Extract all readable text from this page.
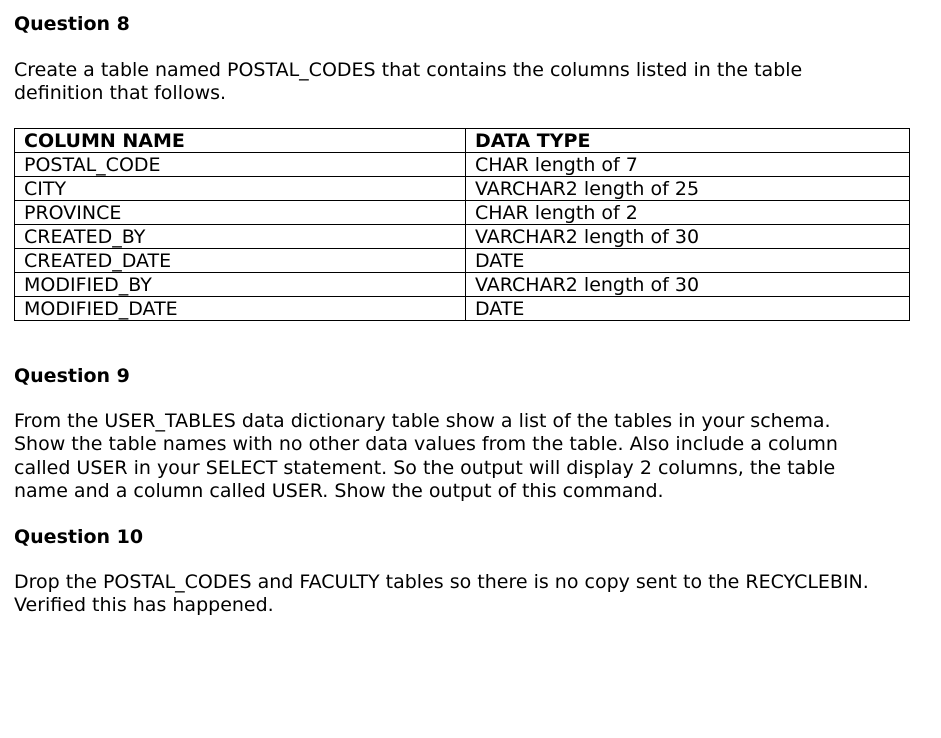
Question 8

Create a table named POSTAL_CODES that contains the columns listed in the table
definition that follows.

COLUMN NAME	DATA TYPE
POSTAL_CODE	CHAR length of 7
CITY	VARCHAR2 length of 25
PROVINCE	CHAR length of 2
CREATED_BY	VARCHAR2 length of 30
CREATED_DATE	DATE
MODIFIED_BY	VARCHAR2 length of 30
MODIFIED_DATE	DATE
Question 9

From the USER_TABLES data dictionary table show a list of the tables in your schema.
Show the table names with no other data values from the table. Also include a column
called USER in your SELECT statement. So the output will display 2 columns, the table
name and a column called USER. Show the output of this command.

Question 10

Drop the POSTAL_CODES and FACULTY tables so there is no copy sent to the RECYCLEBIN.
Verified this has happened.
